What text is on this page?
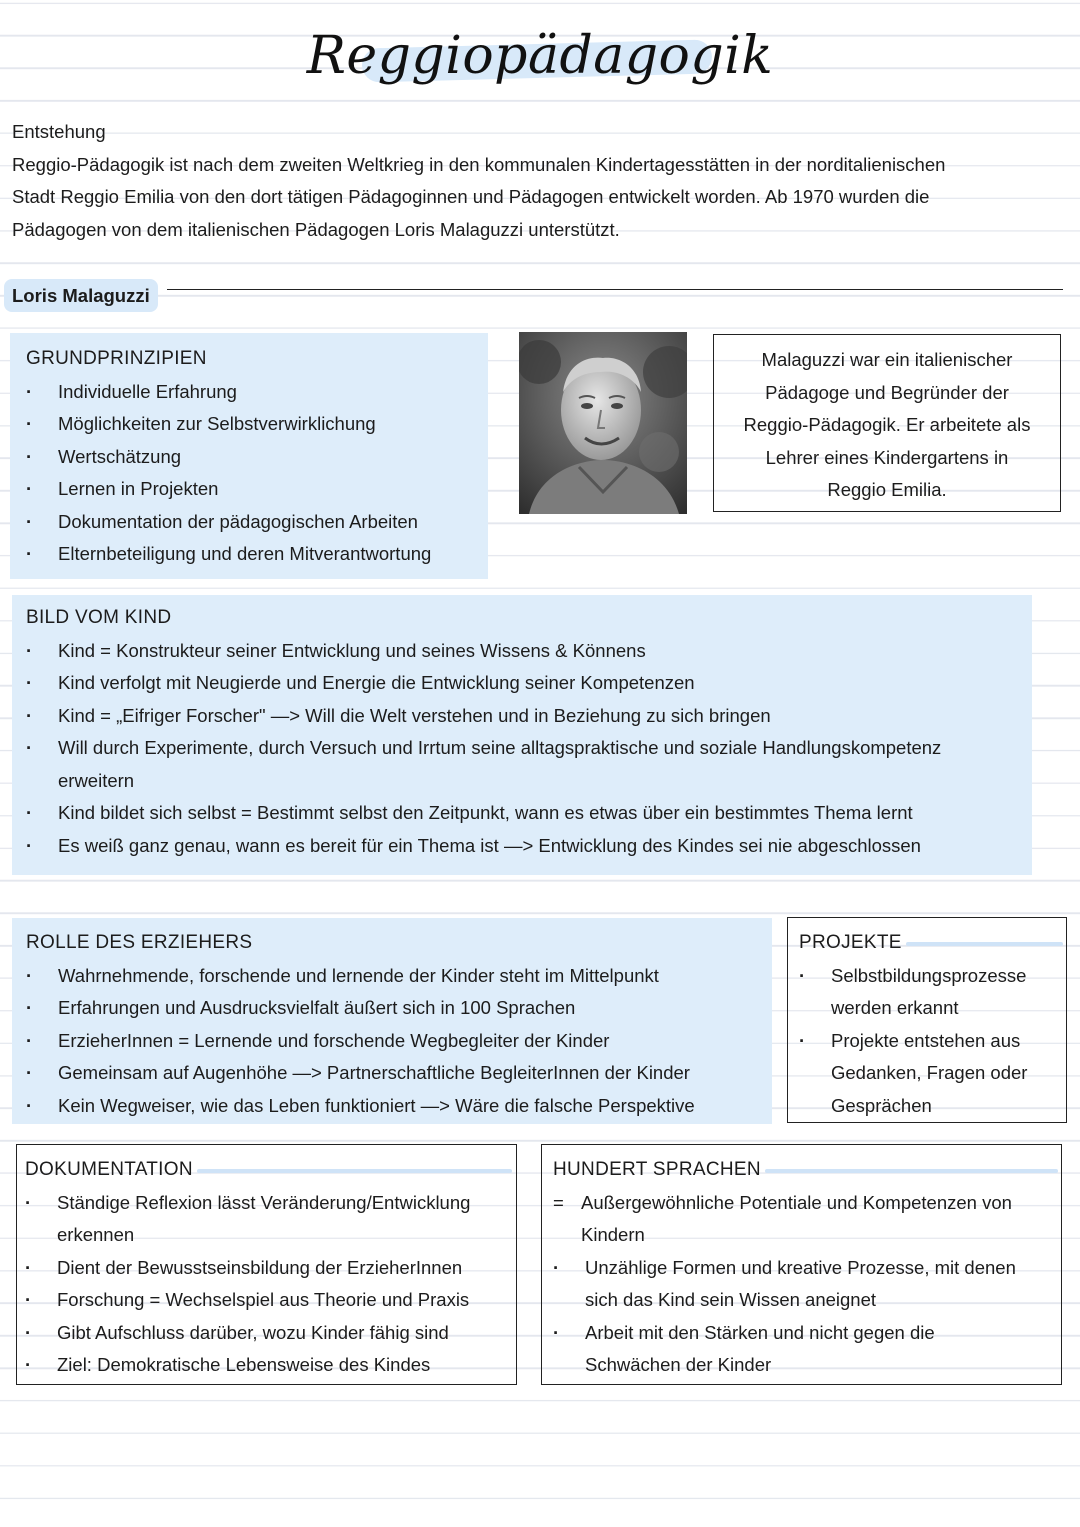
Reggiopädagogik
Entstehung
Reggio-Pädagogik ist nach dem zweiten Weltkrieg in den kommunalen Kindertagesstätten in der norditalienischen
Stadt Reggio Emilia von den dort tätigen Pädagoginnen und Pädagogen entwickelt worden. Ab 1970 wurden die
Pädagogen von dem italienischen Pädagogen Loris Malaguzzi unterstützt.
Loris Malaguzzi
GRUNDPRINZIPIEN
· Individuelle Erfahrung
· Möglichkeiten zur Selbstverwirklichung
· Wertschätzung
· Lernen in Projekten
· Dokumentation der pädagogischen Arbeiten
· Elternbeteiligung und deren Mitverantwortung
Malaguzzi war ein italienischer
Pädagoge und Begründer der
Reggio-Pädagogik. Er arbeitete als
Lehrer eines Kindergartens in
Reggio Emilia.
BILD VOM KIND
· Kind = Konstrukteur seiner Entwicklung und seines Wissens & Könnens
· Kind verfolgt mit Neugierde und Energie die Entwicklung seiner Kompetenzen
· Kind = „Eifriger Forscher" —> Will die Welt verstehen und in Beziehung zu sich bringen
· Will durch Experimente, durch Versuch und Irrtum seine alltagspraktische und soziale Handlungskompetenz
erweitern
· Kind bildet sich selbst = Bestimmt selbst den Zeitpunkt, wann es etwas über ein bestimmtes Thema lernt
· Es weiß ganz genau, wann es bereit für ein Thema ist —> Entwicklung des Kindes sei nie abgeschlossen
ROLLE DES ERZIEHERS
· Wahrnehmende, forschende und lernende der Kinder steht im Mittelpunkt
· Erfahrungen und Ausdrucksvielfalt äußert sich in 100 Sprachen
· ErzieherInnen = Lernende und forschende Wegbegleiter der Kinder
· Gemeinsam auf Augenhöhe —> Partnerschaftliche BegleiterInnen der Kinder
· Kein Wegweiser, wie das Leben funktioniert —> Wäre die falsche Perspektive
PROJEKTE
· Selbstbildungsprozesse
werden erkannt
· Projekte entstehen aus
Gedanken, Fragen oder
Gesprächen
DOKUMENTATION
· Ständige Reflexion lässt Veränderung/Entwicklung
erkennen
· Dient der Bewusstseinsbildung der ErzieherInnen
· Forschung = Wechselspiel aus Theorie und Praxis
· Gibt Aufschluss darüber, wozu Kinder fähig sind
· Ziel: Demokratische Lebensweise des Kindes
HUNDERT SPRACHEN
= Außergewöhnliche Potentiale und Kompetenzen von
Kindern
· Unzählige Formen und kreative Prozesse, mit denen
sich das Kind sein Wissen aneignet
· Arbeit mit den Stärken und nicht gegen die
Schwächen der Kinder
